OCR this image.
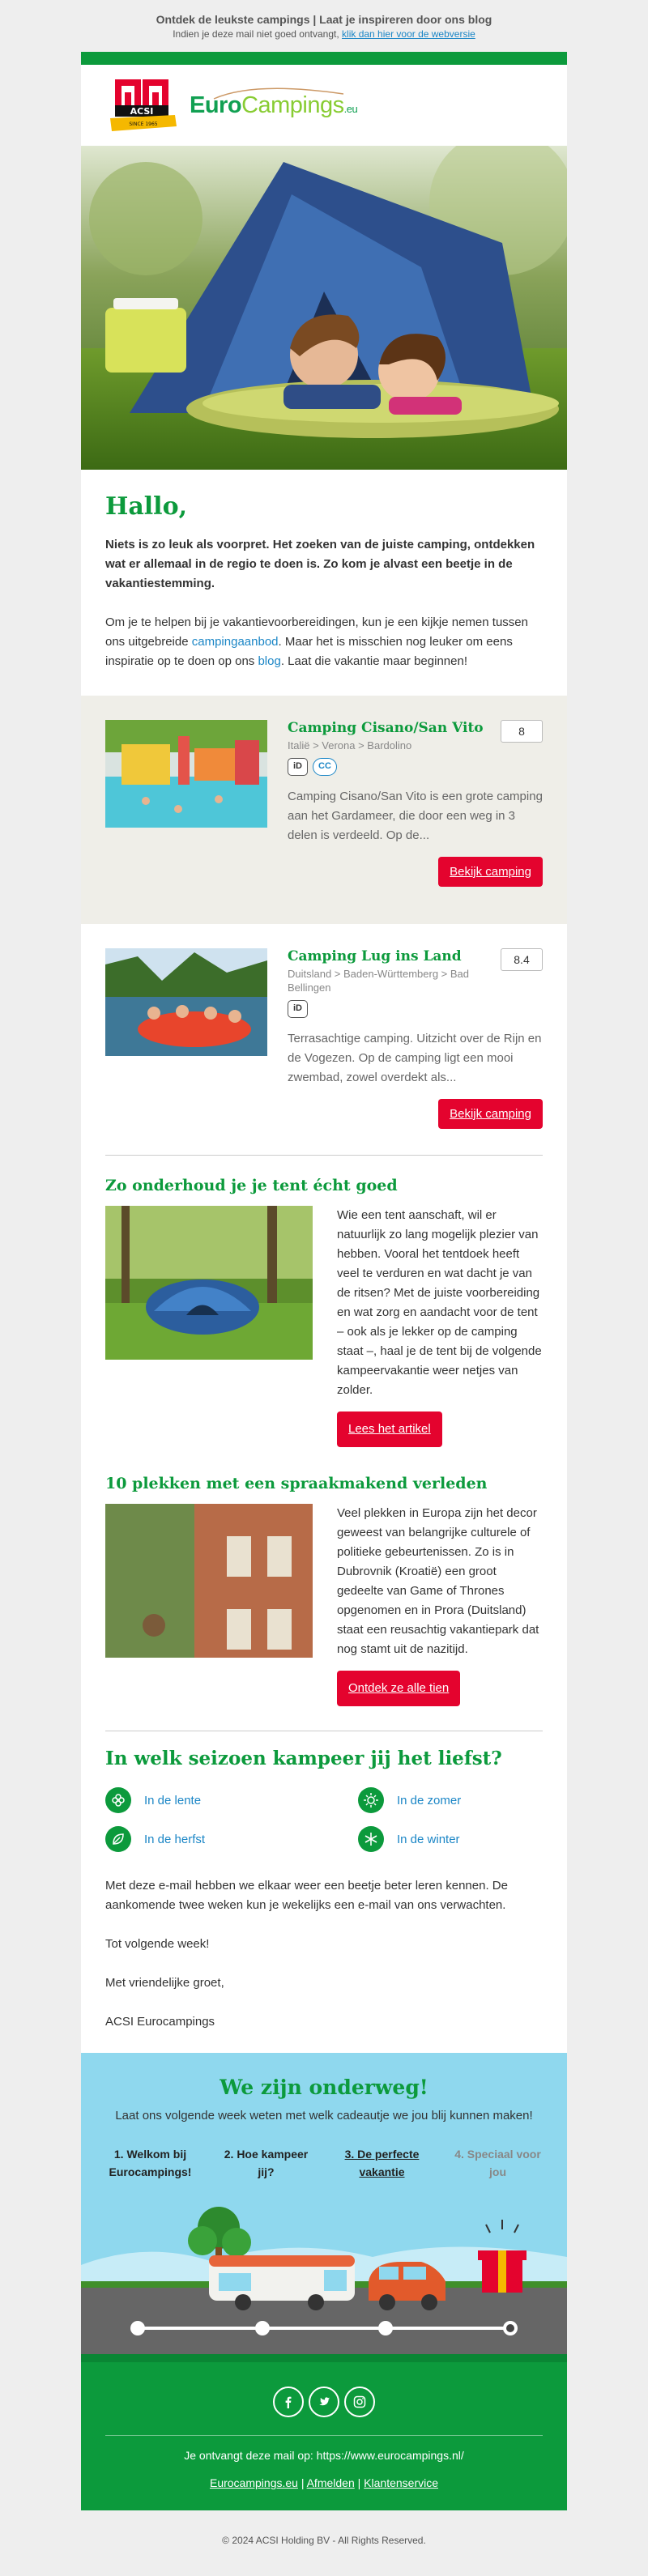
Ontdek de leukste campings | Laat je inspireren door ons blog
Indien je deze mail niet goed ontvangt, klik dan hier voor de webversie
ACSI
SINCE 1965
EuroCampings.eu
Hallo,

Niets is zo leuk als voorpret. Het zoeken van de juiste camping, ontdekken wat er allemaal in de regio te doen is. Zo kom je alvast een beetje in de vakantiestemming.

Om je te helpen bij je vakantievoorbereidingen, kun je een kijkje nemen tussen ons uitgebreide campingaanbod. Maar het is misschien nog leuker om eens inspiratie op te doen op ons blog. Laat die vakantie maar beginnen!

Camping Cisano/San Vito
Italië > Verona > Bardolino
8
iD	CC
Camping Cisano/San Vito is een grote camping aan het Gardameer, die door een weg in 3 delen is verdeeld. Op de...
Bekijk camping
Camping Lug ins Land
Duitsland > Baden-Württemberg > Bad Bellingen
8.4
iD
Terrasachtige camping. Uitzicht over de Rijn en de Vogezen. Op de camping ligt een mooi zwembad, zowel overdekt als...
Bekijk camping
Zo onderhoud je je tent écht goed
Wie een tent aanschaft, wil er natuurlijk zo lang mogelijk plezier van hebben. Vooral het tentdoek heeft veel te verduren en wat dacht je van de ritsen? Met de juiste voorbereiding en wat zorg en aandacht voor de tent – ook als je lekker op de camping staat –, haal je de tent bij de volgende kampeervakantie weer netjes van zolder.
Lees het artikel
10 plekken met een spraakmakend verleden
Veel plekken in Europa zijn het decor geweest van belangrijke culturele of politieke gebeurtenissen. Zo is in Dubrovnik (Kroatië) een groot gedeelte van Game of Thrones opgenomen en in Prora (Duitsland) staat een reusachtig vakantiepark dat nog stamt uit de nazitijd.
Ontdek ze alle tien
In welk seizoen kampeer jij het liefst?
In de lente	In de zomer
In de herfst	In de winter

Met deze e-mail hebben we elkaar weer een beetje beter leren kennen. De aankomende twee weken kun je wekelijks een e-mail van ons verwachten.

Tot volgende week!

Met vriendelijke groet,

ACSI Eurocampings

We zijn onderweg!
Laat ons volgende week weten met welk cadeautje we jou blij kunnen maken!
1. Welkom bij Eurocampings!
2. Hoe kampeer jij?
3. De perfecte vakantie
4. Speciaal voor jou
Je ontvangt deze mail op: https://www.eurocampings.nl/
Eurocampings.eu | Afmelden | Klantenservice
© 2024 ACSI Holding BV - All Rights Reserved.
